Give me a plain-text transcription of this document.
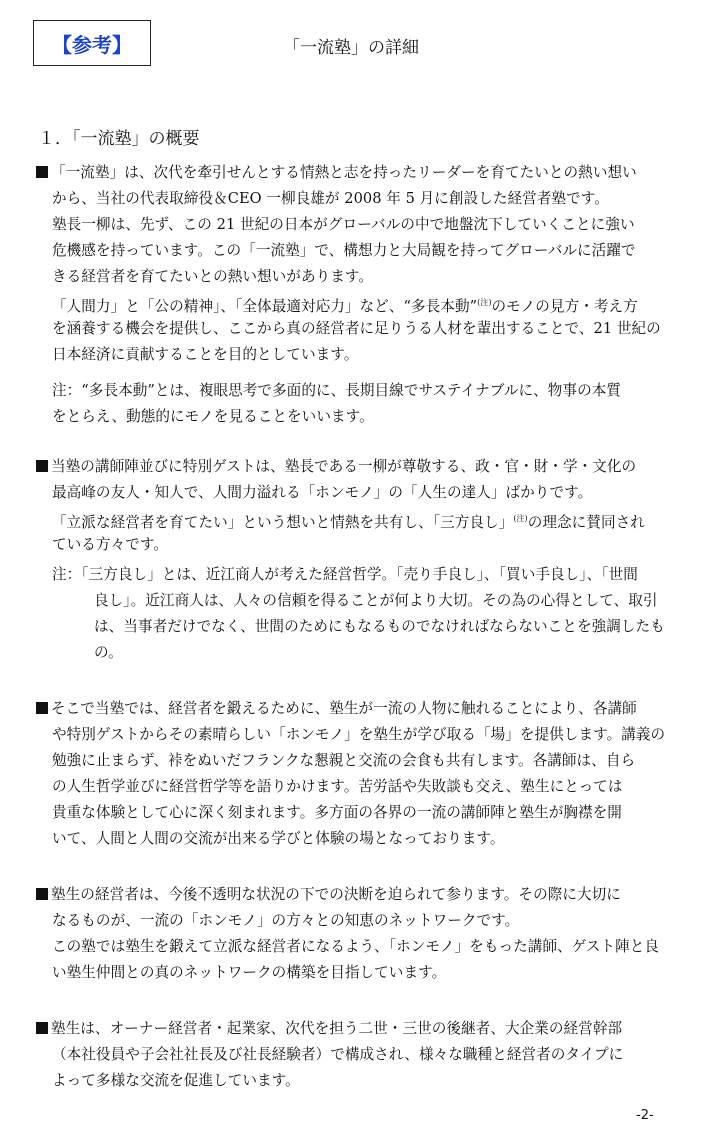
【参考】	「一流塾」の詳細
１．「一流塾」の概要
「一流塾」は、次代を牽引せんとする情熱と志を持ったリーダーを育てたいとの熱い想い
から、当社の代表取締役＆CEO 一柳良雄が 2008 年 5 月に創設した経営者塾です。
塾長一柳は、先ず、この 21 世紀の日本がグローバルの中で地盤沈下していくことに強い
危機感を持っています。この「一流塾」で、構想力と大局観を持ってグローバルに活躍で
きる経営者を育てたいとの熱い想いがあります。
「人間力」と「公の精神」、「全体最適対応力」など、“多長本動”$^{(注)}$のモノの見方・考え方
を涵養する機会を提供し、ここから真の経営者に足りうる人材を輩出することで、21 世紀の
日本経済に貢献することを目的としています。
注：“多長本動”とは、複眼思考で多面的に、長期目線でサステイナブルに、物事の本質
をとらえ、動態的にモノを見ることをいいます。
当塾の講師陣並びに特別ゲストは、塾長である一柳が尊敬する、政・官・財・学・文化の
最高峰の友人・知人で、人間力溢れる「ホンモノ」の「人生の達人」ばかりです。
「立派な経営者を育てたい」という想いと情熱を共有し、「三方良し」$^{(注)}$の理念に賛同され
ている方々です。
注：「三方良し」とは、近江商人が考えた経営哲学。「売り手良し」、「買い手良し」、「世間
良し」。近江商人は、人々の信頼を得ることが何より大切。その為の心得として、取引
は、当事者だけでなく、世間のためにもなるものでなければならないことを強調したも
の。
そこで当塾では、経営者を鍛えるために、塾生が一流の人物に触れることにより、各講師
や特別ゲストからその素晴らしい「ホンモノ」を塾生が学び取る「場」を提供します。講義の
勉強に止まらず、裃をぬいだフランクな懇親と交流の会食も共有します。各講師は、自ら
の人生哲学並びに経営哲学等を語りかけます。苦労話や失敗談も交え、塾生にとっては
貴重な体験として心に深く刻まれます。多方面の各界の一流の講師陣と塾生が胸襟を開
いて、人間と人間の交流が出来る学びと体験の場となっております。
塾生の経営者は、今後不透明な状況の下での決断を迫られて参ります。その際に大切に
なるものが、一流の「ホンモノ」の方々との知恵のネットワークです。
この塾では塾生を鍛えて立派な経営者になるよう、「ホンモノ」をもった講師、ゲスト陣と良
い塾生仲間との真のネットワークの構築を目指しています。
塾生は、オーナー経営者・起業家、次代を担う二世・三世の後継者、大企業の経営幹部
（本社役員や子会社社長及び社長経験者）で構成され、様々な職種と経営者のタイプに
よって多様な交流を促進しています。
-2-
